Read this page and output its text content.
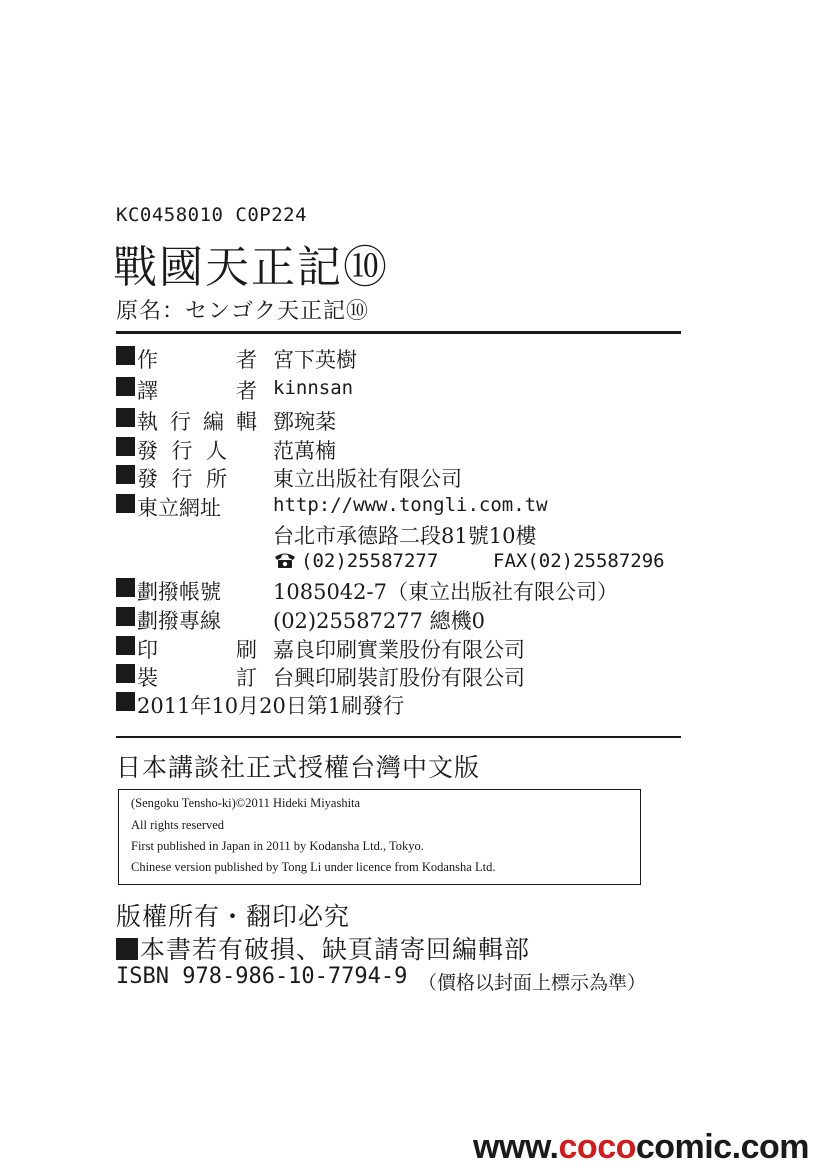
KC0458010 C0P224
戰國天正記⑩
原名：センゴク天正記⑩
作　者 宮下英樹
譯　者 kinnsan
執行編輯 鄧琬棻
發行人 范萬楠
發行所 東立出版社有限公司
東立網址	http://www.tongli.com.tw
台北市承德路二段81號10樓
(02)25587277	FAX(02)25587296
劃撥帳號 1085042-7（東立出版社有限公司）
劃撥專線 (02)25587277 總機0
印　刷 嘉良印刷實業股份有限公司
裝　訂 台興印刷裝訂股份有限公司
2011年10月20日第1刷發行
日本講談社正式授權台灣中文版
(Sengoku Tensho-ki)©2011 Hideki Miyashita
All rights reserved
First published in Japan in 2011 by Kodansha Ltd., Tokyo.
Chinese version published by Tong Li under licence from Kodansha Ltd.
版權所有・翻印必究
本書若有破損、缺頁請寄回編輯部
ISBN 978-986-10-7794-9 （價格以封面上標示為準）
www.cococomic.com
